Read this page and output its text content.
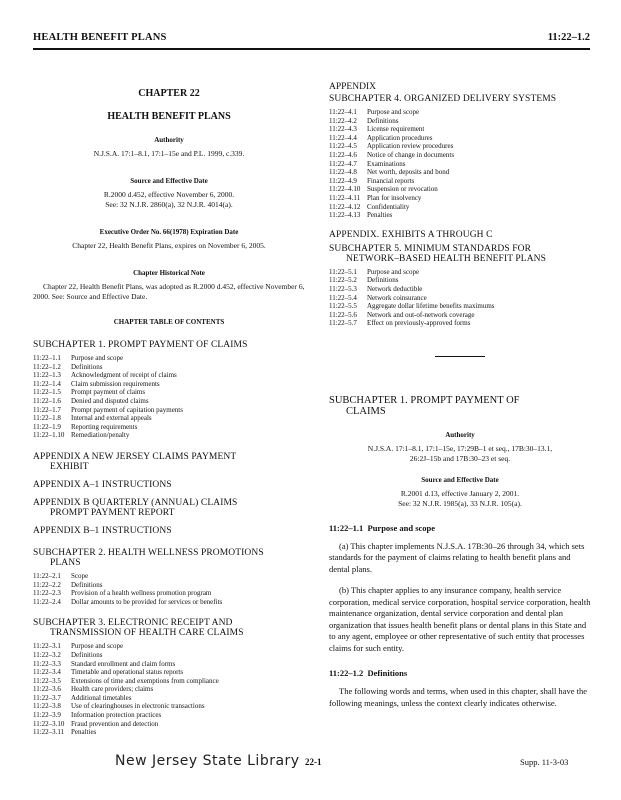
HEALTH BENEFIT PLANS	11:22–1.2
CHAPTER 22
HEALTH BENEFIT PLANS
Authority
N.J.S.A. 17:1–8.1, 17:1–15e and P.L. 1999, c.339.
Source and Effective Date
R.2000 d.452, effective November 6, 2000.
See: 32 N.J.R. 2860(a), 32 N.J.R. 4014(a).
Executive Order No. 66(1978) Expiration Date
Chapter 22, Health Benefit Plans, expires on November 6, 2005.
Chapter Historical Note
Chapter 22, Health Benefit Plans, was adopted as R.2000 d.452, effective November 6, 2000. See: Source and Effective Date.
CHAPTER TABLE OF CONTENTS
SUBCHAPTER 1. PROMPT PAYMENT OF CLAIMS
11:22–1.1	Purpose and scope
11:22–1.2	Definitions
11:22–1.3	Acknowledgment of receipt of claims
11:22–1.4	Claim submission requirements
11:22–1.5	Prompt payment of claims
11:22–1.6	Denied and disputed claims
11:22–1.7	Prompt payment of capitation payments
11:22–1.8	Internal and external appeals
11:22–1.9	Reporting requirements
11:22–1.10 Remediation/penalty
APPENDIX A NEW JERSEY CLAIMS PAYMENT
EXHIBIT
APPENDIX A–1 INSTRUCTIONS
APPENDIX B QUARTERLY (ANNUAL) CLAIMS
PROMPT PAYMENT REPORT
APPENDIX B–1 INSTRUCTIONS
SUBCHAPTER 2. HEALTH WELLNESS PROMOTIONS
PLANS
11:22–2.1	Scope
11:22–2.2	Definitions
11:22–2.3	Provision of a health wellness promotion program
11:22–2.4	Dollar amounts to be provided for services or benefits
SUBCHAPTER 3. ELECTRONIC RECEIPT AND
TRANSMISSION OF HEALTH CARE CLAIMS
11:22–3.1	Purpose and scope
11:22–3.2	Definitions
11:22–3.3	Standard enrollment and claim forms
11:22–3.4	Timetable and operational status reports
11:22–3.5	Extensions of time and exemptions from compliance
11:22–3.6	Health care providers; claims
11:22–3.7	Additional timetables
11:22–3.8	Use of clearinghouses in electronic transactions
11:22–3.9	Information protection practices
11:22–3.10 Fraud prevention and detection
11:22–3.11 Penalties
APPENDIX
SUBCHAPTER 4. ORGANIZED DELIVERY SYSTEMS
11:22–4.1	Purpose and scope
11:22–4.2	Definitions
11:22–4.3	License requirement
11:22–4.4	Application procedures
11:22–4.5	Application review procedures
11:22–4.6	Notice of change in documents
11:22–4.7	Examinations
11:22–4.8	Net worth, deposits and bond
11:22–4.9	Financial reports
11:22–4.10 Suspension or revocation
11:22–4.11 Plan for insolvency
11:22–4.12 Confidentiality
11:22–4.13 Penalties
APPENDIX. EXHIBITS A THROUGH C
SUBCHAPTER 5. MINIMUM STANDARDS FOR
NETWORK–BASED HEALTH BENEFIT PLANS
11:22–5.1	Purpose and scope
11:22–5.2	Definitions
11:22–5.3	Network deductible
11:22–5.4	Network coinsurance
11:22–5.5	Aggregate dollar lifetime benefits maximums
11:22–5.6	Network and out-of-network coverage
11:22–5.7	Effect on previously-approved forms
SUBCHAPTER 1. PROMPT PAYMENT OF
CLAIMS
Authority
N.J.S.A. 17:1–8.1, 17:1–15e, 17:29B–1 et seq., 17B:30–13.1,
26:2J–15b and 17B:30–23 et seq.
Source and Effective Date
R.2001 d.13, effective January 2, 2001.
See: 32 N.J.R. 1985(a), 33 N.J.R. 105(a).
11:22–1.1 Purpose and scope
(a) This chapter implements N.J.S.A. 17B:30–26 through 34, which sets standards for the payment of claims relating to health benefit plans and dental plans.
(b) This chapter applies to any insurance company, health service corporation, medical service corporation, hospital service corporation, health maintenance organization, dental service corporation and dental plan organization that issues health benefit plans or dental plans in this State and to any agent, employee or other representative of such entity that processes claims for such entity.
11:22–1.2 Definitions
The following words and terms, when used in this chapter, shall have the following meanings, unless the context clearly indicates otherwise.
New Jersey State Library 22-1	Supp. 11-3-03
